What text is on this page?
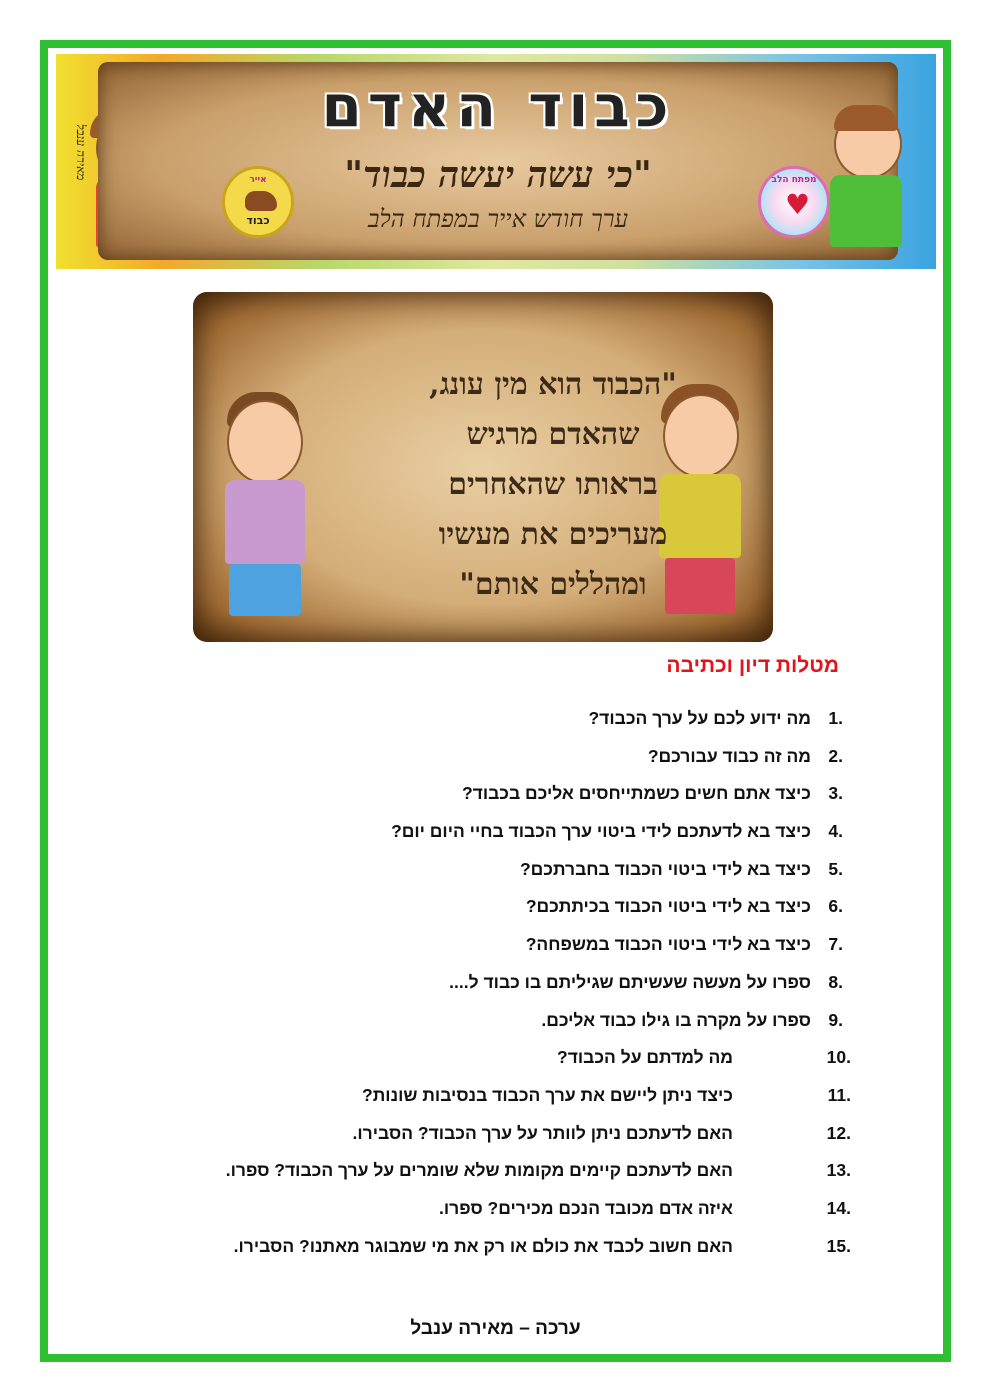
מאירה ענבל
כבוד האדם
"כי עשה יעשה כבוד"
ערך חודש אייר במפתח הלב
אייר
כבוד
מפתח הלב
♥
"הכבוד הוא מין עונג,
שהאדם מרגיש
בראותו שהאחרים
מעריכים את מעשיו
ומהללים אותם"
מטלות דיון וכתיבה
1.
מה ידוע לכם על ערך הכבוד?
2.
מה זה כבוד עבורכם?
3.
כיצד אתם חשים כשמתייחסים אליכם בכבוד?
4.
כיצד בא לדעתכם לידי ביטוי ערך הכבוד בחיי היום יום?
5.
כיצד בא לידי ביטוי הכבוד בחברתכם?
6.
כיצד בא לידי ביטוי הכבוד בכיתתכם?
7.
כיצד בא לידי ביטוי הכבוד במשפחה?
8.
ספרו על מעשה שעשיתם שגיליתם בו כבוד ל....
9.
ספרו על מקרה בו גילו כבוד אליכם.
10.
מה למדתם על הכבוד?
11.
כיצד ניתן ליישם את ערך הכבוד בנסיבות שונות?
12.
האם לדעתכם ניתן לוותר על ערך הכבוד? הסבירו.
13.
האם לדעתכם קיימים מקומות שלא שומרים על ערך הכבוד? ספרו.
14.
איזה אדם מכובד הנכם מכירים? ספרו.
15.
האם חשוב לכבד את כולם או רק את מי שמבוגר מאתנו? הסבירו.
ערכה – מאירה ענבל
